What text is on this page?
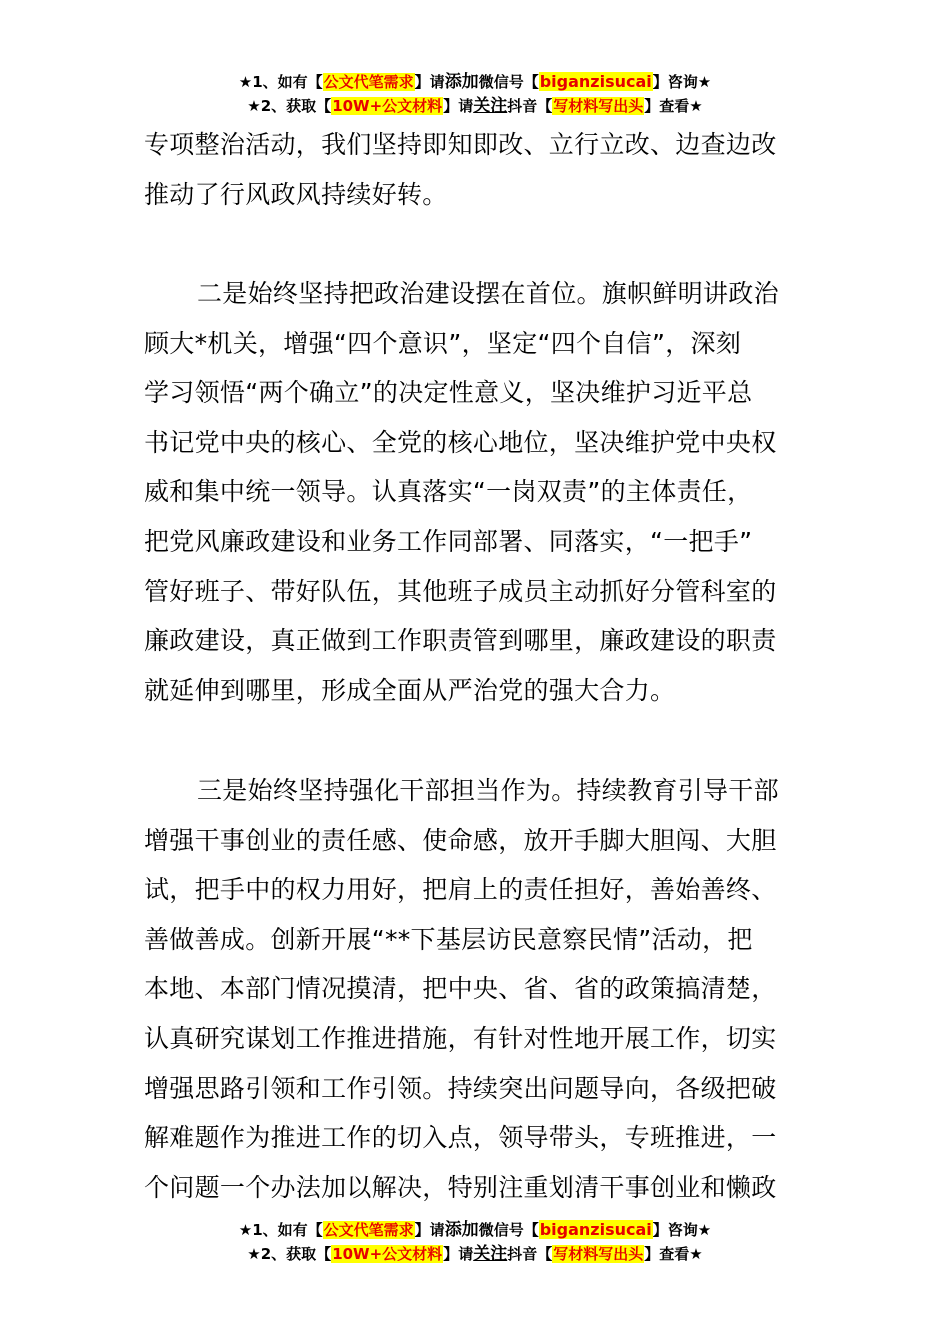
★1、如有【公文代笔需求】请添加微信号【biganzisucai】咨询★
★2、获取【10W+公文材料】请关注抖音【写材料写出头】查看★

专项整治活动，我们坚持即知即改、立行立改、边查边改

推动了行风政风持续好转。

二是始终坚持把政治建设摆在首位。旗帜鲜明讲政治

顾大*机关，增强“四个意识”，坚定“四个自信”，深刻

学习领悟“两个确立”的决定性意义，坚决维护习近平总

书记党中央的核心、全党的核心地位，坚决维护党中央权

威和集中统一领导。认真落实“一岗双责”的主体责任，

把党风廉政建设和业务工作同部署、同落实，“一把手”

管好班子、带好队伍，其他班子成员主动抓好分管科室的

廉政建设，真正做到工作职责管到哪里，廉政建设的职责

就延伸到哪里，形成全面从严治党的强大合力。

三是始终坚持强化干部担当作为。持续教育引导干部

增强干事创业的责任感、使命感，放开手脚大胆闯、大胆

试，把手中的权力用好，把肩上的责任担好，善始善终、

善做善成。创新开展“**下基层访民意察民情”活动，把

本地、本部门情况摸清，把中央、省、省的政策搞清楚，

认真研究谋划工作推进措施，有针对性地开展工作，切实

增强思路引领和工作引领。持续突出问题导向，各级把破

解难题作为推进工作的切入点，领导带头，专班推进，一

个问题一个办法加以解决，特别注重划清干事创业和懒政

★1、如有【公文代笔需求】请添加微信号【biganzisucai】咨询★
★2、获取【10W+公文材料】请关注抖音【写材料写出头】查看★
